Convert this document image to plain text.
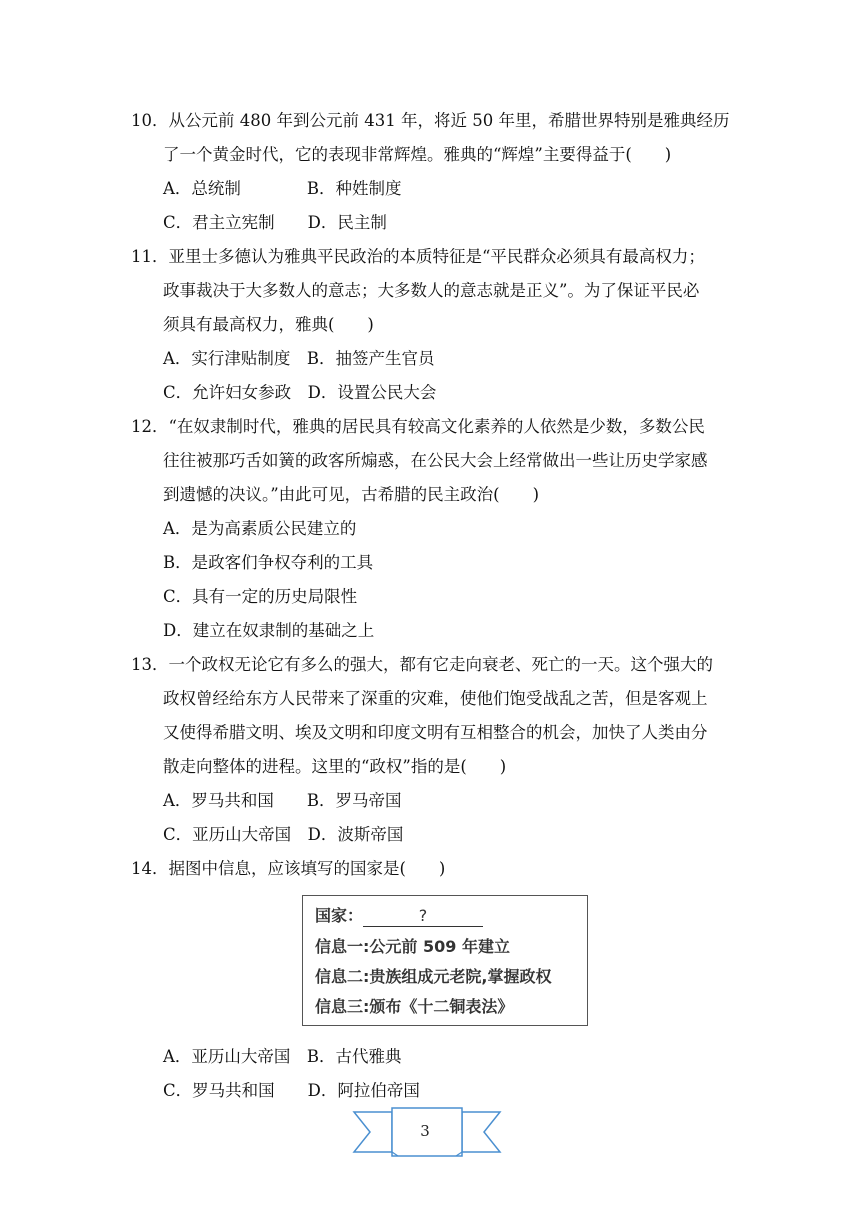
10．从公元前 480 年到公元前 431 年，将近 50 年里，希腊世界特别是雅典经历
了一个黄金时代，它的表现非常辉煌。雅典的“辉煌”主要得益于(　　)
A．总统制　　　　B．种姓制度
C．君主立宪制　　D．民主制
11．亚里士多德认为雅典平民政治的本质特征是“平民群众必须具有最高权力；
政事裁决于大多数人的意志；大多数人的意志就是正义”。为了保证平民必
须具有最高权力，雅典(　　)
A．实行津贴制度　B．抽签产生官员
C．允许妇女参政　D．设置公民大会
12．“在奴隶制时代，雅典的居民具有较高文化素养的人依然是少数，多数公民
往往被那巧舌如簧的政客所煽惑，在公民大会上经常做出一些让历史学家感
到遗憾的决议。”由此可见，古希腊的民主政治(　　)
A．是为高素质公民建立的
B．是政客们争权夺利的工具
C．具有一定的历史局限性
D．建立在奴隶制的基础之上
13．一个政权无论它有多么的强大，都有它走向衰老、死亡的一天。这个强大的
政权曾经给东方人民带来了深重的灾难，使他们饱受战乱之苦，但是客观上
又使得希腊文明、埃及文明和印度文明有互相整合的机会，加快了人类由分
散走向整体的进程。这里的“政权”指的是(　　)
A．罗马共和国　　B．罗马帝国
C．亚历山大帝国　D．波斯帝国
14．据图中信息，应该填写的国家是(　　)
国家：	?
信息一:公元前 509 年建立
信息二:贵族组成元老院,掌握政权
信息三:颁布《十二铜表法》
A．亚历山大帝国　B．古代雅典
C．罗马共和国　　D．阿拉伯帝国
3
